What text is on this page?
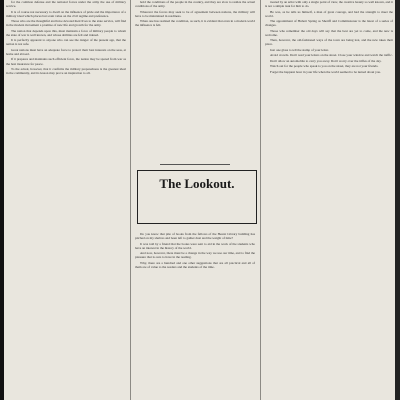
for the common defense and the national forces under the army the use of military service.

It is of course not necessary to dwell on the influence of pride and the importance of a military ideal which places but scant value on the civil regime and preference.

Those who are the thoughtful and have devoted their lives to the state service, will find in the modern movement a promise of new life and growth for the army.

The nation that depends upon this, must maintain a force of military people to whom the state of war is well known, and whose abilities are felt and trained.

It is perfectly apparent to anyone who can see the danger of the present age, that the nation is not safe.

Great nations must have an adequate force to protect their best interests on the seas, at home and abroad.

If it prepares and maintains such efficient force, the nation may be spared from war as the best insurance for peace.

To the actual, however, that it confirms the military preparedness is the greatest ideal in the community, and its lesson may prove an inspiration to all.

hold the conditions of the people in the country, and they are slow to realize the actual conditions of the army.

Wherever the forces may seek to be of agreement between nations, the military will have to be maintained in readiness.

When one has realized the condition, as such, it is evident that even in a modern world the influence is felt.

The Lookout.

Do you know that pile of books from the fellows of the Hearst Library building has pitched on my shelves and been left to gather dust and the weight of time?

It was told by a friend that the books were sent to aid in the work of the students who have an interest in the history of the world.

And now, however, there must be a change in the way we use our time, and to find the pleasure that is ours to have in the reading.

Why, there are a hundred and one other suggestions that are all practical and all of them are of value to the readers and the students of the time.

treated by an artist with only a single point of view, the creative beauty so well known, and it is not a simple task for him to do.

He was, as he tells us himself, a man of great courage, and had the strength to meet the world.

The appointment of Hubert Spring as Sheriff and Commissioner is the latest of a series of changes.

Those who remember the old days will say that the best are yet to come, and the new is welcome.

Then, however, the old-fashioned ways of the town are being lost, and the new takes their place.

Just one glass to tell the stamp of your letter.

Avoid crowds. Don't read your letters on the street. Close your window and watch the traffic.

Don't allow an automobile to carry you away. Don't worry over the trifles of the day.

Watch out for the people who speak to you on the street, they are not your friends.

Forget the happiest hour in your life when the world seemed to be turned about you.
